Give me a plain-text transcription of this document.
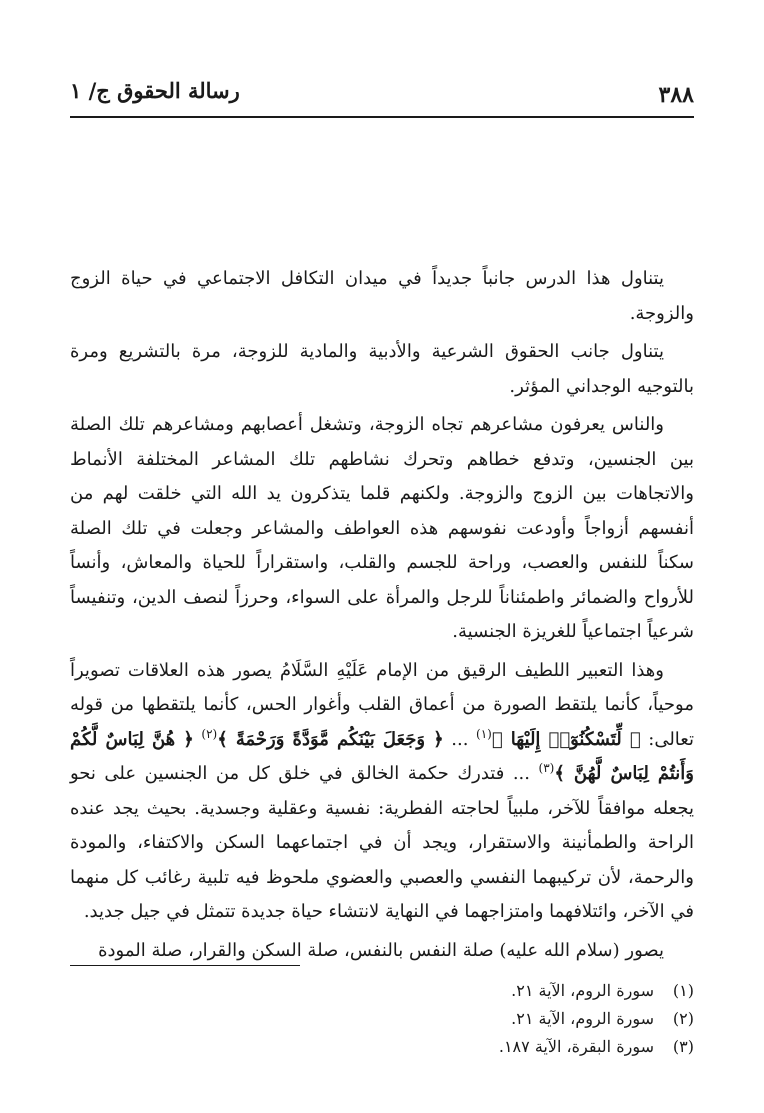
رسالة الحقوق ج/ ١	٣٨٨

يتناول هذا الدرس جانباً جديداً في ميدان التكافل الاجتماعي في حياة الزوج والزوجة.

يتناول جانب الحقوق الشرعية والأدبية والمادية للزوجة، مرة بالتشريع ومرة بالتوجيه الوجداني المؤثر.

والناس يعرفون مشاعرهم تجاه الزوجة، وتشغل أعصابهم ومشاعرهم تلك الصلة بين الجنسين، وتدفع خطاهم وتحرك نشاطهم تلك المشاعر المختلفة الأنماط والاتجاهات بين الزوج والزوجة. ولكنهم قلما يتذكرون يد الله التي خلقت لهم من أنفسهم أزواجاً وأودعت نفوسهم هذه العواطف والمشاعر وجعلت في تلك الصلة سكناً للنفس والعصب، وراحة للجسم والقلب، واستقراراً للحياة والمعاش، وأنساً للأرواح والضمائر واطمئناناً للرجل والمرأة على السواء، وحرزاً لنصف الدين، وتنفيساً شرعياً اجتماعياً للغريزة الجنسية.

وهذا التعبير اللطيف الرقيق من الإمام عَلَيْهِ السَّلَامُ يصور هذه العلاقات تصويراً موحياً، كأنما يلتقط الصورة من أعماق القلب وأغوار الحس، كأنما يلتقطها من قوله تعالى: ﴿ لِّتَسْكُنُوٓا۟ إِلَيْهَا ﴾$^{(١)}$ ... ﴿ وَجَعَلَ بَيْنَكُم مَّوَدَّةً وَرَحْمَةً ﴾$^{(٢)}$ ﴿ هُنَّ لِبَاسٌ لَّكُمْ وَأَنتُمْ لِبَاسٌ لَّهُنَّ ﴾$^{(٣)}$ ... فتدرك حكمة الخالق في خلق كل من الجنسين على نحو يجعله موافقاً للآخر، ملبياً لحاجته الفطرية: نفسية وعقلية وجسدية. بحيث يجد عنده الراحة والطمأنينة والاستقرار، ويجد أن في اجتماعهما السكن والاكتفاء، والمودة والرحمة، لأن تركيبهما النفسي والعصبي والعضوي ملحوظ فيه تلبية رغائب كل منهما في الآخر، وائتلافهما وامتزاجهما في النهاية لانتشاء حياة جديدة تتمثل في جيل جديد.

يصور (سلام الله عليه) صلة النفس بالنفس، صلة السكن والقرار، صلة المودة

(١)سورة الروم، الآية ٢١.
(٢)سورة الروم، الآية ٢١.
(٣)سورة البقرة، الآية ١٨٧.
